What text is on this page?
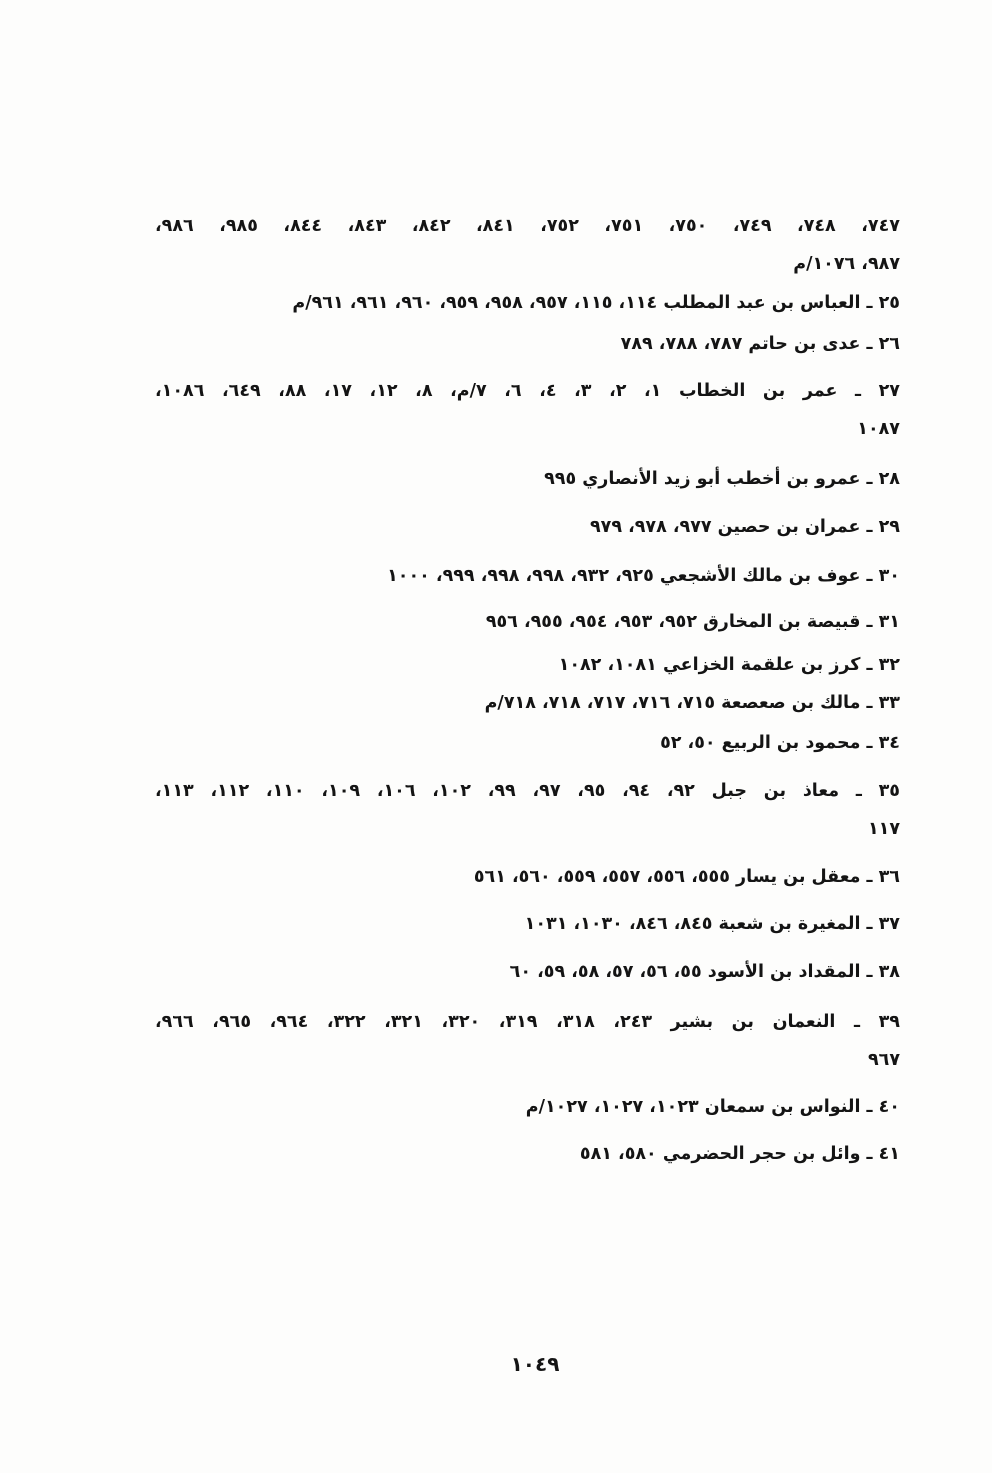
٧٤٧، ٧٤٨، ٧٤٩، ٧٥٠، ٧٥١، ٧٥٢، ٨٤١، ٨٤٢، ٨٤٣، ٨٤٤، ٩٨٥، ٩٨٦،
٩٨٧، ١٠٧٦/م
٢٥ ـ العباس بن عبد المطلب ١١٤، ١١٥، ٩٥٧، ٩٥٨، ٩٥٩، ٩٦٠، ٩٦١، ٩٦١/م
٢٦ ـ عدى بن حاتم ٧٨٧، ٧٨٨، ٧٨٩
٢٧ ـ عمر بن الخطاب ١، ٢، ٣، ٤، ٦، ٧/م، ٨، ١٢، ١٧، ٨٨، ٦٤٩، ١٠٨٦،
١٠٨٧
٢٨ ـ عمرو بن أخطب أبو زيد الأنصاري ٩٩٥
٢٩ ـ عمران بن حصين ٩٧٧، ٩٧٨، ٩٧٩
٣٠ ـ عوف بن مالك الأشجعي ٩٢٥، ٩٣٢، ٩٩٨، ٩٩٨، ٩٩٩، ١٠٠٠
٣١ ـ قبيصة بن المخارق ٩٥٢، ٩٥٣، ٩٥٤، ٩٥٥، ٩٥٦
٣٢ ـ كرز بن علقمة الخزاعي ١٠٨١، ١٠٨٢
٣٣ ـ مالك بن صعصعة ٧١٥، ٧١٦، ٧١٧، ٧١٨، ٧١٨/م
٣٤ ـ محمود بن الربيع ٥٠، ٥٢
٣٥ ـ معاذ بن جبل ٩٢، ٩٤، ٩٥، ٩٧، ٩٩، ١٠٢، ١٠٦، ١٠٩، ١١٠، ١١٢، ١١٣،
١١٧
٣٦ ـ معقل بن يسار ٥٥٥، ٥٥٦، ٥٥٧، ٥٥٩، ٥٦٠، ٥٦١
٣٧ ـ المغيرة بن شعبة ٨٤٥، ٨٤٦، ١٠٣٠، ١٠٣١
٣٨ ـ المقداد بن الأسود ٥٥، ٥٦، ٥٧، ٥٨، ٥٩، ٦٠
٣٩ ـ النعمان بن بشير ٢٤٣، ٣١٨، ٣١٩، ٣٢٠، ٣٢١، ٣٢٢، ٩٦٤، ٩٦٥، ٩٦٦،
٩٦٧
٤٠ ـ النواس بن سمعان ١٠٢٣، ١٠٢٧، ١٠٢٧/م
٤١ ـ وائل بن حجر الحضرمي ٥٨٠، ٥٨١
١٠٤٩
